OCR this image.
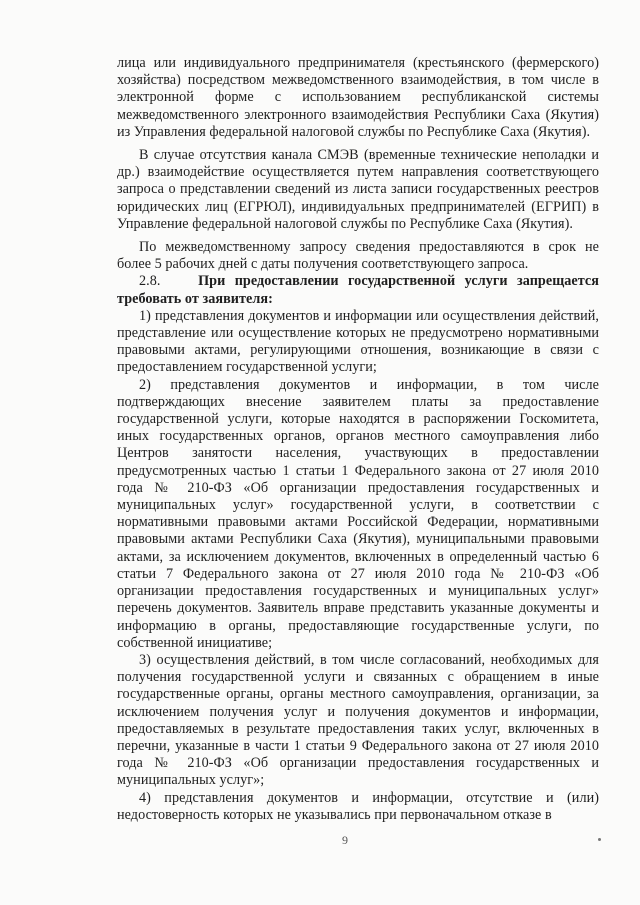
лица или индивидуального предпринимателя (крестьянского (фермерского) хозяйства) посредством межведомственного взаимодействия, в том числе в электронной форме с использованием республиканской системы межведомственного электронного взаимодействия Республики Саха (Якутия) из Управления федеральной налоговой службы по Республике Саха (Якутия).

В случае отсутствия канала СМЭВ (временные технические неполадки и др.) взаимодействие осуществляется путем направления соответствующего запроса о представлении сведений из листа записи государственных реестров юридических лиц (ЕГРЮЛ), индивидуальных предпринимателей (ЕГРИП) в Управление федеральной налоговой службы по Республике Саха (Якутия).

По межведомственному запросу сведения предоставляются в срок не более 5 рабочих дней с даты получения соответствующего запроса.

2.8.	При предоставлении государственной услуги запрещается требовать от заявителя:

1) представления документов и информации или осуществления действий, представление или осуществление которых не предусмотрено нормативными правовыми актами, регулирующими отношения, возникающие в связи с предоставлением государственной услуги;

2) представления документов и информации, в том числе подтверждающих внесение заявителем платы за предоставление государственной услуги, которые находятся в распоряжении Госкомитета, иных государственных органов, органов местного самоуправления либо Центров занятости населения, участвующих в предоставлении предусмотренных частью 1 статьи 1 Федерального закона от 27 июля 2010 года № 210-ФЗ «Об организации предоставления государственных и муниципальных услуг» государственной услуги, в соответствии с нормативными правовыми актами Российской Федерации, нормативными правовыми актами Республики Саха (Якутия), муниципальными правовыми актами, за исключением документов, включенных в определенный частью 6 статьи 7 Федерального закона от 27 июля 2010 года № 210-ФЗ «Об организации предоставления государственных и муниципальных услуг» перечень документов. Заявитель вправе представить указанные документы и информацию в органы, предоставляющие государственные услуги, по собственной инициативе;

3) осуществления действий, в том числе согласований, необходимых для получения государственной услуги и связанных с обращением в иные государственные органы, органы местного самоуправления, организации, за исключением получения услуг и получения документов и информации, предоставляемых в результате предоставления таких услуг, включенных в перечни, указанные в части 1 статьи 9 Федерального закона от 27 июля 2010 года № 210-ФЗ «Об организации предоставления государственных и муниципальных услуг»;

4) представления документов и информации, отсутствие и (или) недостоверность которых не указывались при первоначальном отказе в

9
